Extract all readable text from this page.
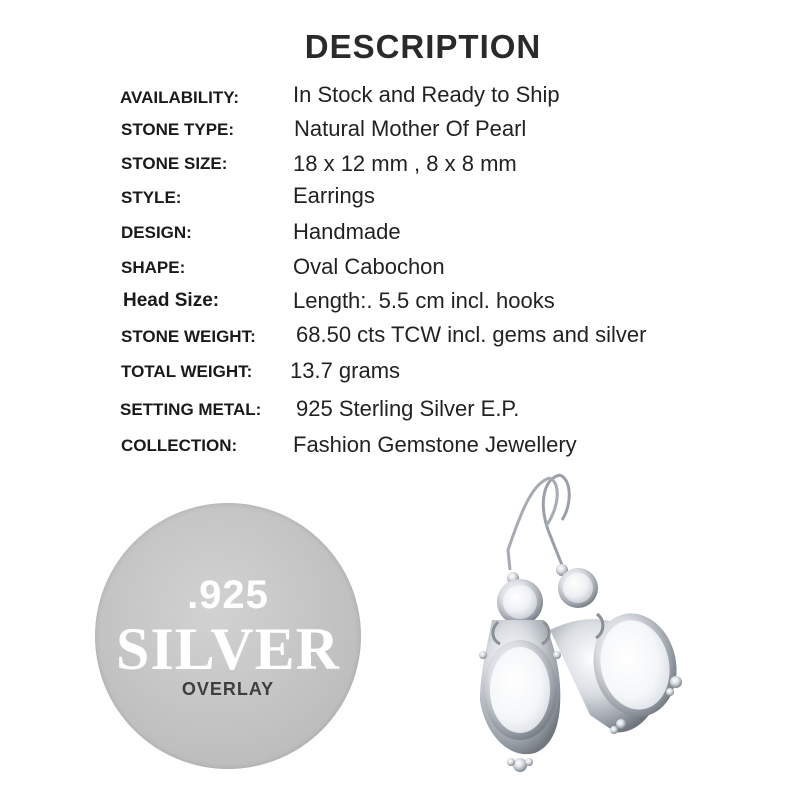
DESCRIPTION
AVAILABILITY: In Stock and Ready to Ship
STONE TYPE:	Natural Mother Of Pearl
STONE SIZE:	18 x 12 mm , 8 x 8 mm
STYLE:	Earrings
DESIGN:	Handmade
SHAPE:	Oval Cabochon
Head Size:	Length:. 5.5 cm incl. hooks
STONE WEIGHT: 68.50 cts TCW incl. gems and silver
TOTAL WEIGHT: 13.7 grams
SETTING METAL: 925 Sterling Silver E.P.
COLLECTION:	Fashion Gemstone Jewellery
.925
SILVER
OVERLAY
